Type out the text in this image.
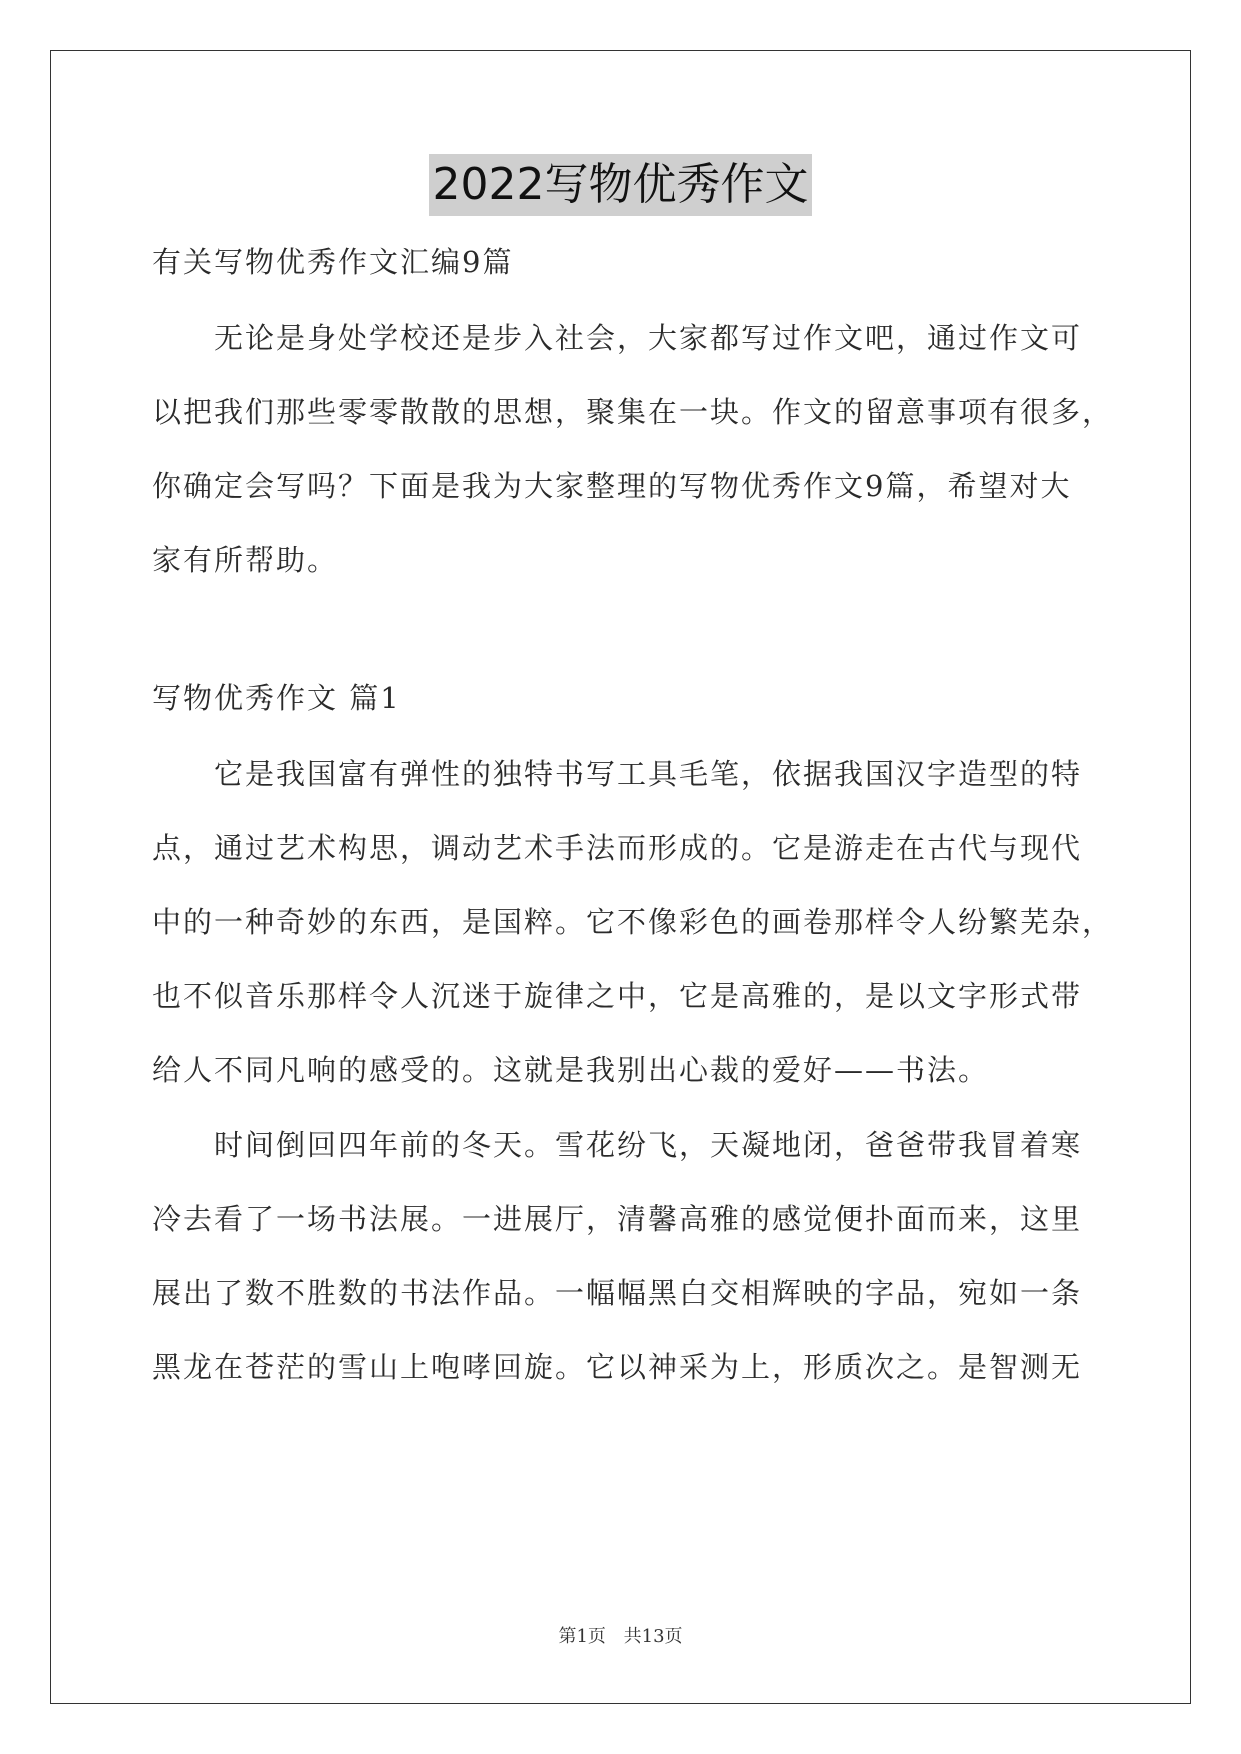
2022写物优秀作文
有关写物优秀作文汇编9篇
　　无论是身处学校还是步入社会，大家都写过作文吧，通过作文可
以把我们那些零零散散的思想，聚集在一块。作文的留意事项有很多，
你确定会写吗？下面是我为大家整理的写物优秀作文9篇，希望对大
家有所帮助。
写物优秀作文 篇1
　　它是我国富有弹性的独特书写工具毛笔，依据我国汉字造型的特
点，通过艺术构思，调动艺术手法而形成的。它是游走在古代与现代
中的一种奇妙的东西，是国粹。它不像彩色的画卷那样令人纷繁芜杂，
也不似音乐那样令人沉迷于旋律之中，它是高雅的，是以文字形式带
给人不同凡响的感受的。这就是我别出心裁的爱好——书法。
　　时间倒回四年前的冬天。雪花纷飞，天凝地闭，爸爸带我冒着寒
冷去看了一场书法展。一进展厅，清馨高雅的感觉便扑面而来，这里
展出了数不胜数的书法作品。一幅幅黑白交相辉映的字品，宛如一条
黑龙在苍茫的雪山上咆哮回旋。它以神采为上，形质次之。是智测无
第1页 共13页
